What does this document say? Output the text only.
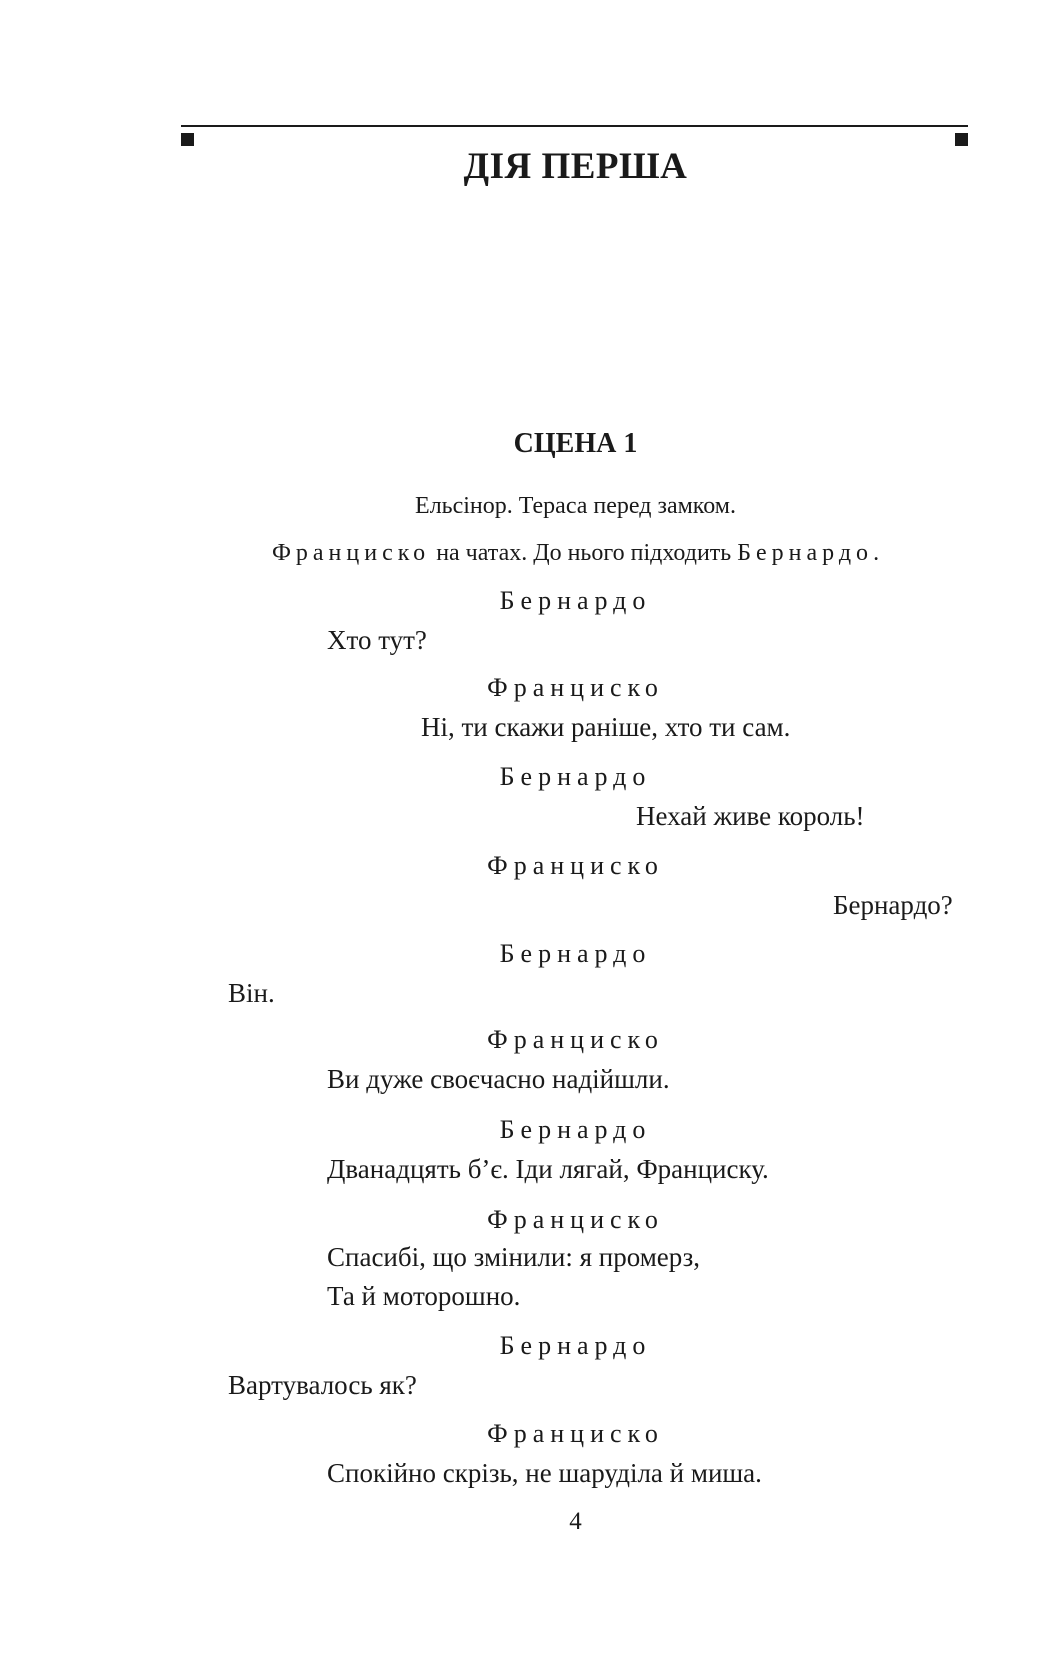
ДІЯ ПЕРША
СЦЕНА 1
Ельсінор. Тераса перед замком.
Франциско на чатах. До нього підходить Бернардо.
Бернардо
Хто тут?
Франциско
Ні, ти скажи раніше, хто ти сам.
Бернардо
Нехай живе король!
Франциско
Бернардо?
Бернардо
Він.
Франциско
Ви дуже своєчасно надійшли.
Бернардо
Дванадцять б’є. Іди лягай, Франциску.
Франциско
Спасибі, що змінили: я промерз,
Та й моторошно.
Бернардо
Вартувалось як?
Франциско
Спокійно скрізь, не шаруділа й миша.
4
